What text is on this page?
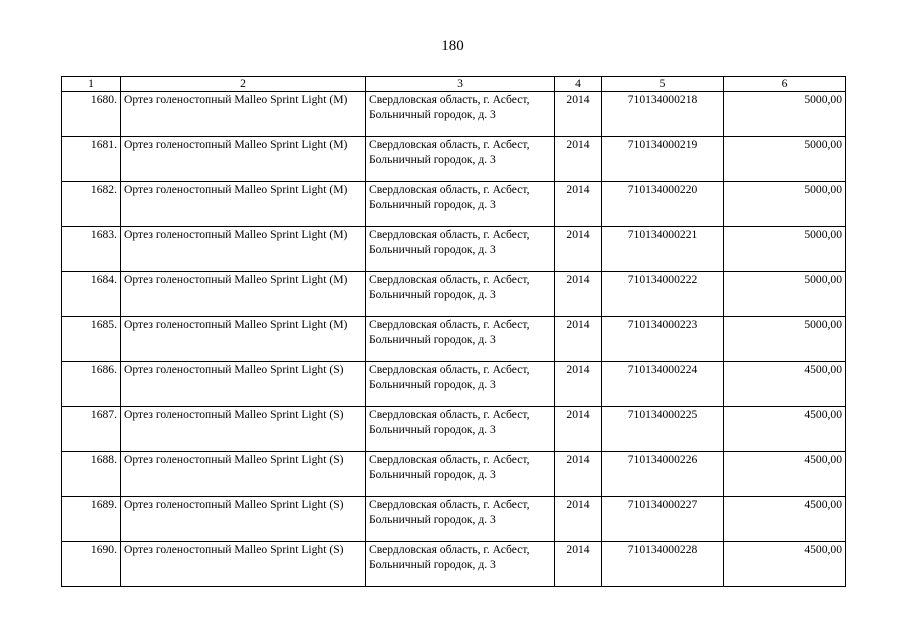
180
1	2	3	4	5	6
1680.	Ортез голеностопный Malleo Sprint Light (M)	Свердловская область, г. Асбест, Больничный городок, д. 3	2014	710134000218	5000,00
1681.	Ортез голеностопный Malleo Sprint Light (M)	Свердловская область, г. Асбест, Больничный городок, д. 3	2014	710134000219	5000,00
1682.	Ортез голеностопный Malleo Sprint Light (M)	Свердловская область, г. Асбест, Больничный городок, д. 3	2014	710134000220	5000,00
1683.	Ортез голеностопный Malleo Sprint Light (M)	Свердловская область, г. Асбест, Больничный городок, д. 3	2014	710134000221	5000,00
1684.	Ортез голеностопный Malleo Sprint Light (M)	Свердловская область, г. Асбест, Больничный городок, д. 3	2014	710134000222	5000,00
1685.	Ортез голеностопный Malleo Sprint Light (M)	Свердловская область, г. Асбест, Больничный городок, д. 3	2014	710134000223	5000,00
1686.	Ортез голеностопный Malleo Sprint Light (S)	Свердловская область, г. Асбест, Больничный городок, д. 3	2014	710134000224	4500,00
1687.	Ортез голеностопный Malleo Sprint Light (S)	Свердловская область, г. Асбест, Больничный городок, д. 3	2014	710134000225	4500,00
1688.	Ортез голеностопный Malleo Sprint Light (S)	Свердловская область, г. Асбест, Больничный городок, д. 3	2014	710134000226	4500,00
1689.	Ортез голеностопный Malleo Sprint Light (S)	Свердловская область, г. Асбест, Больничный городок, д. 3	2014	710134000227	4500,00
1690.	Ортез голеностопный Malleo Sprint Light (S)	Свердловская область, г. Асбест, Больничный городок, д. 3	2014	710134000228	4500,00
